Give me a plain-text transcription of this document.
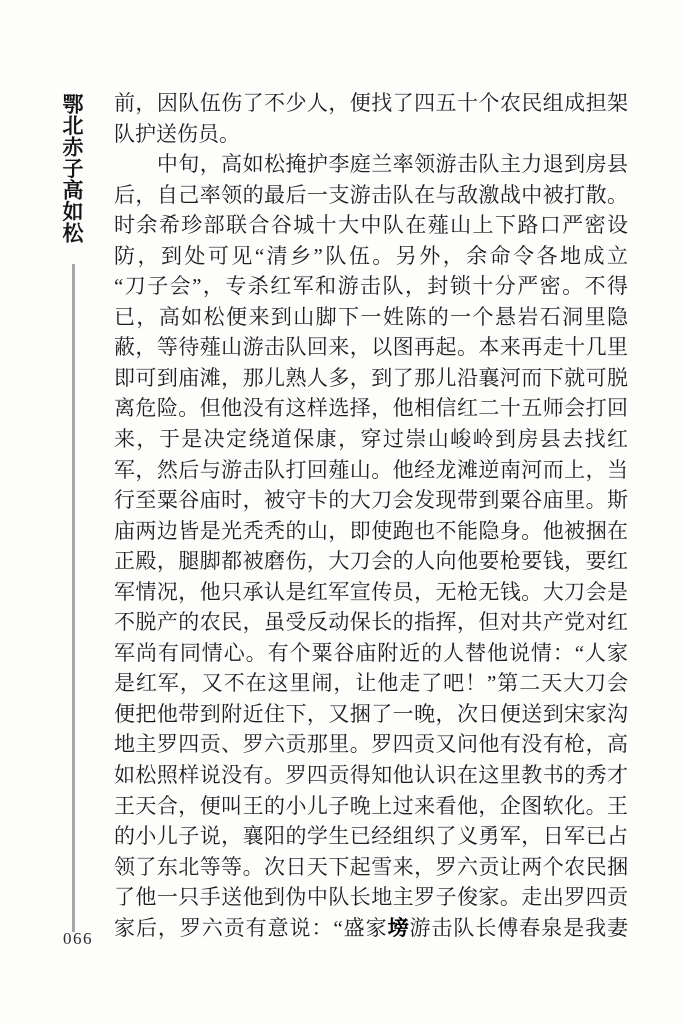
鄂北赤子高如松 前，因队伍伤了不少人，便找了四五十个农民组成担架
队护送伤员。
　　中旬，高如松掩护李庭兰率领游击队主力退到房县
后，自己率领的最后一支游击队在与敌激战中被打散。
时余希珍部联合谷城十大中队在薤山上下路口严密设
防，到处可见“清乡”队伍。另外，余命令各地成立
“刀子会”，专杀红军和游击队，封锁十分严密。不得
已，高如松便来到山脚下一姓陈的一个悬岩石洞里隐
蔽，等待薤山游击队回来，以图再起。本来再走十几里
即可到庙滩，那儿熟人多，到了那儿沿襄河而下就可脱
离危险。但他没有这样选择，他相信红二十五师会打回
来，于是决定绕道保康，穿过崇山峻岭到房县去找红
军，然后与游击队打回薤山。他经龙滩逆南河而上，当
行至粟谷庙时，被守卡的大刀会发现带到粟谷庙里。斯
庙两边皆是光秃秃的山，即使跑也不能隐身。他被捆在
正殿，腿脚都被磨伤，大刀会的人向他要枪要钱，要红
军情况，他只承认是红军宣传员，无枪无钱。大刀会是
不脱产的农民，虽受反动保长的指挥，但对共产党对红
军尚有同情心。有个粟谷庙附近的人替他说情：“人家
是红军，又不在这里闹，让他走了吧！”第二天大刀会
便把他带到附近住下，又捆了一晚，次日便送到宋家沟
地主罗四贡、罗六贡那里。罗四贡又问他有没有枪，高
如松照样说没有。罗四贡得知他认识在这里教书的秀才
王天合，便叫王的小儿子晚上过来看他，企图软化。王
的小儿子说，襄阳的学生已经组织了义勇军，日军已占
领了东北等等。次日天下起雪来，罗六贡让两个农民捆
了他一只手送他到伪中队长地主罗子俊家。走出罗四贡
家后，罗六贡有意说：“盛家塝游击队长傅春泉是我妻
066
